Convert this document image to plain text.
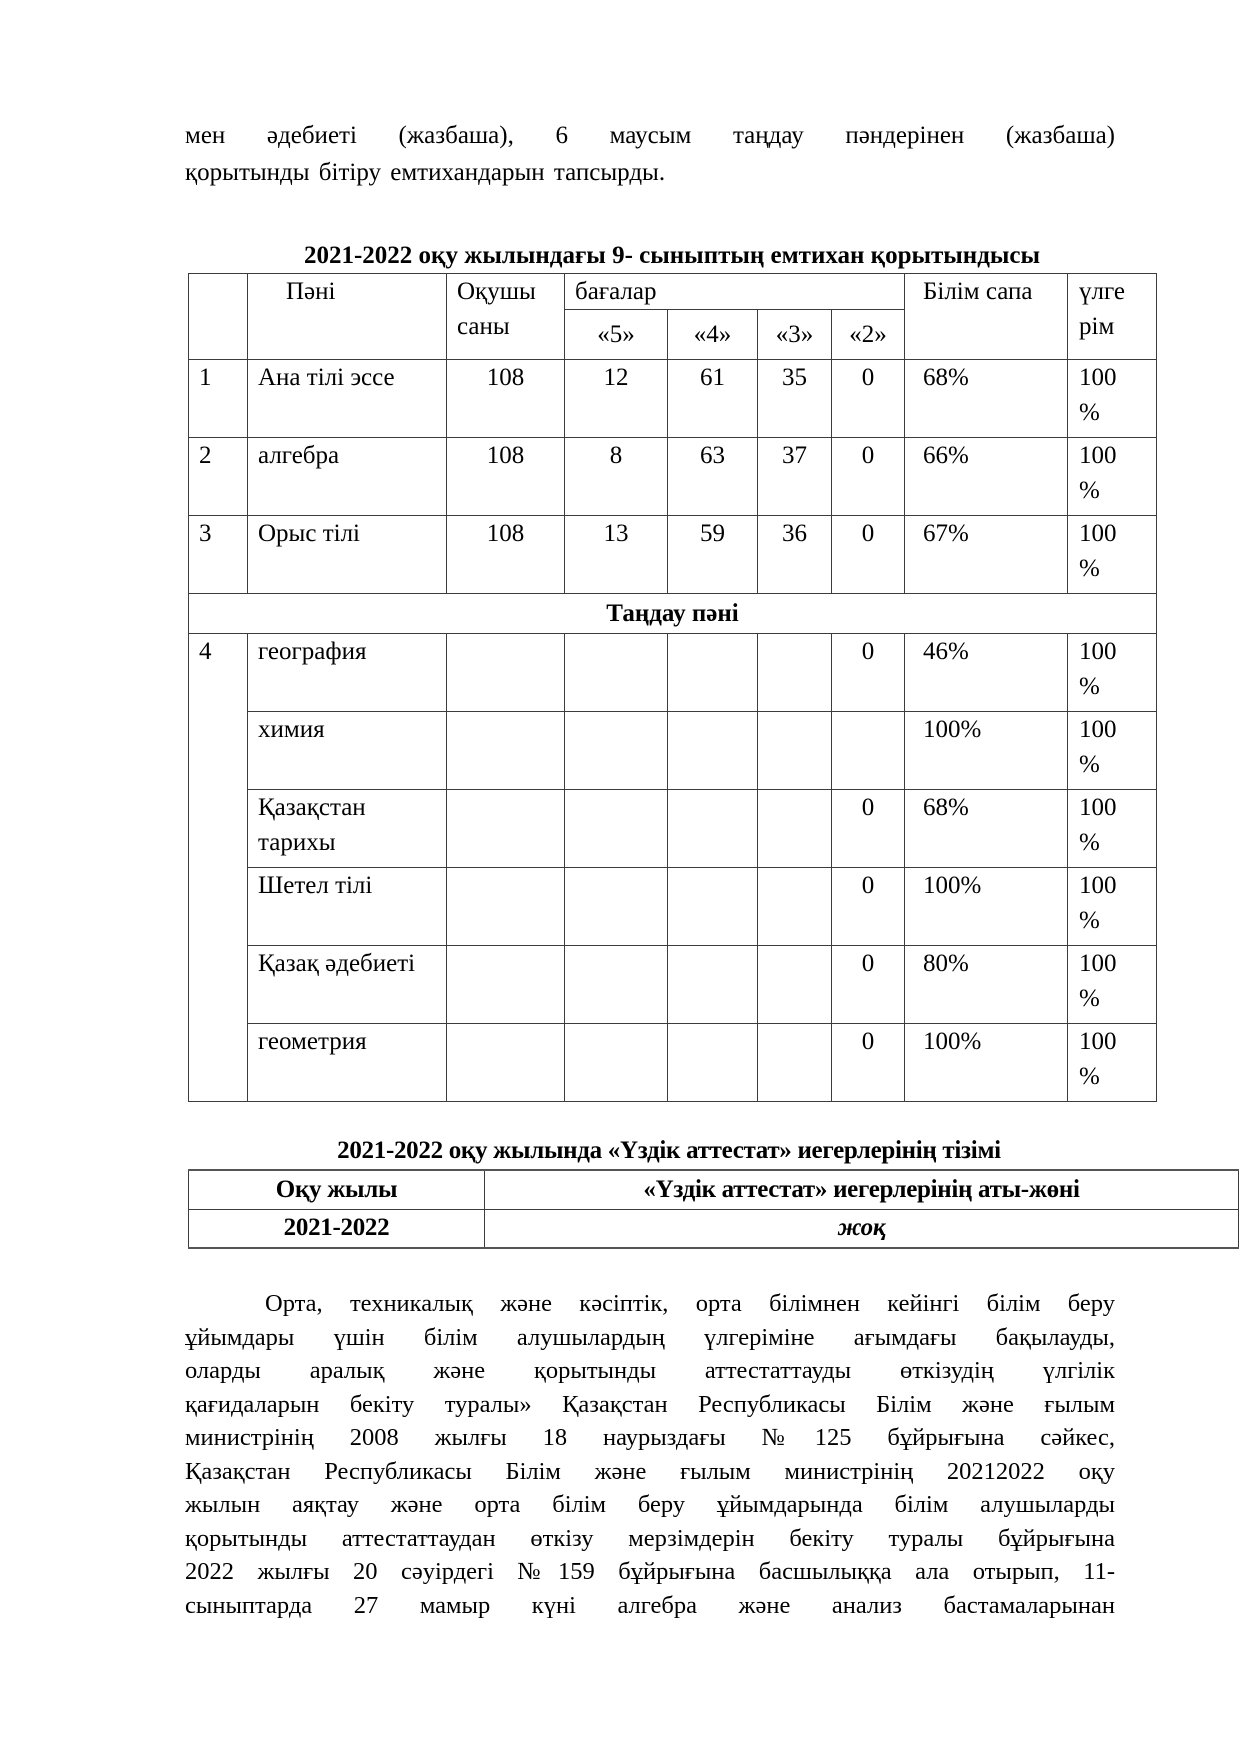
мен әдебиеті (жазбаша), 6 маусым таңдау пәндерінен (жазбаша)
қорытынды бітіру емтихандарын тапсырды.
2021-2022 оқу жылындағы 9- сыныптың емтихан қорытындысы
	Пәні	Оқушы саны	бағалар				Білім сапа	үлгерім
			«5»	«4»	«3»	«2»		
1	Ана тілі эссе	108	12	61	35	0	68%	100 %
2	алгебра	108	8	63	37	0	66%	100 %
3	Орыс тілі	108	13	59	36	0	67%	100 %
Таңдау пәні								
4	география					0	46%	100 %
	химия						100%	100 %
	Қазақстан тарихы					0	68%	100 %
	Шетел тілі					0	100%	100 %
	Қазақ әдебиеті					0	80%	100 %
	геометрия					0	100%	100 %
2021-2022 оқу жылында «Үздік аттестат» иегерлерінің тізімі
Оқу жылы	«Үздік аттестат» иегерлерінің аты-жөні
2021-2022	жоқ
Орта, техникалық және кәсіптік, орта білімнен кейінгі білім беру
ұйымдары үшін білім алушылардың үлгеріміне ағымдағы бақылауды,
оларды аралық және қорытынды аттестаттауды өткізудің үлгілік
қағидаларын бекіту туралы» Қазақстан Республикасы Білім және ғылым
министрінің 2008 жылғы 18 наурыздағы №125 бұйрығына сәйкес,
Қазақстан Республикасы Білім және ғылым министрінің 20212022 оқу
жылын аяқтау және орта білім беру ұйымдарында білім алушыларды
қорытынды аттестаттаудан өткізу мерзімдерін бекіту туралы бұйрығына
2022 жылғы 20 сәуірдегі №159 бұйрығына басшылыққа ала отырып, 11-
сыныптарда 27 мамыр күні алгебра және анализ бастамаларынан
